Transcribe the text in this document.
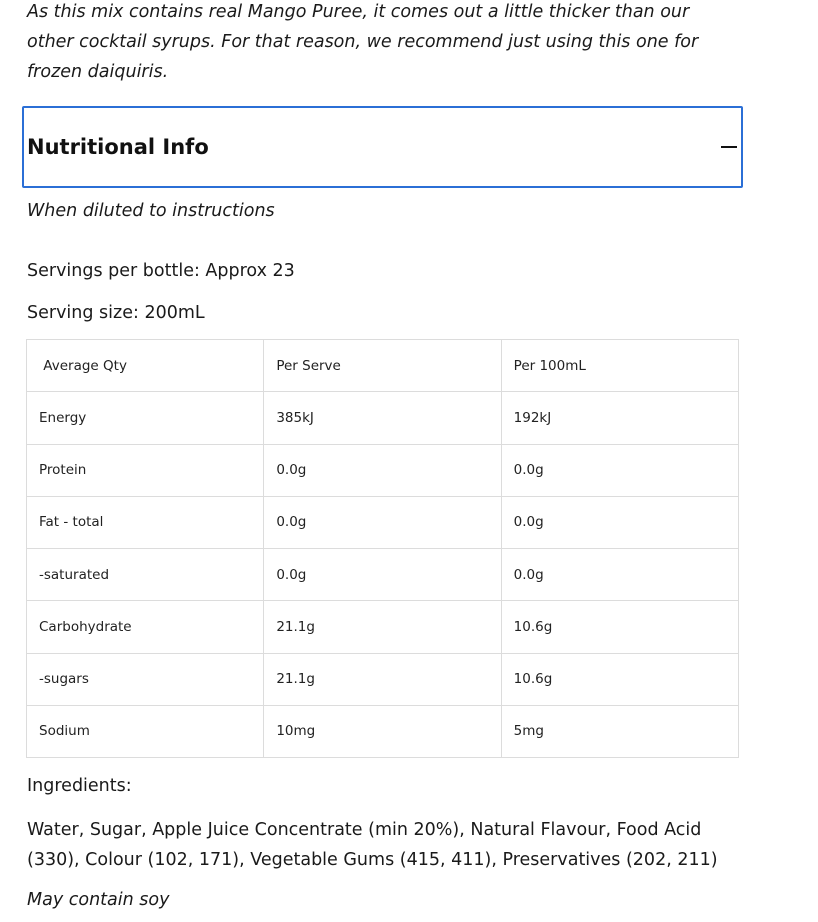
As this mix contains real Mango Puree, it comes out a little thicker than our other cocktail syrups. For that reason, we recommend just using this one for frozen daiquiris.

Nutritional Info

When diluted to instructions

Servings per bottle: Approx 23

Serving size: 200mL

Average Qty	Per Serve	Per 100mL
Energy	385kJ	192kJ
Protein	0.0g	0.0g
Fat - total	0.0g	0.0g
-saturated	0.0g	0.0g
Carbohydrate	21.1g	10.6g
-sugars	21.1g	10.6g
Sodium	10mg	5mg

Ingredients:

Water, Sugar, Apple Juice Concentrate (min 20%), Natural Flavour, Food Acid (330), Colour (102, 171), Vegetable Gums (415, 411), Preservatives (202, 211)

May contain soy
